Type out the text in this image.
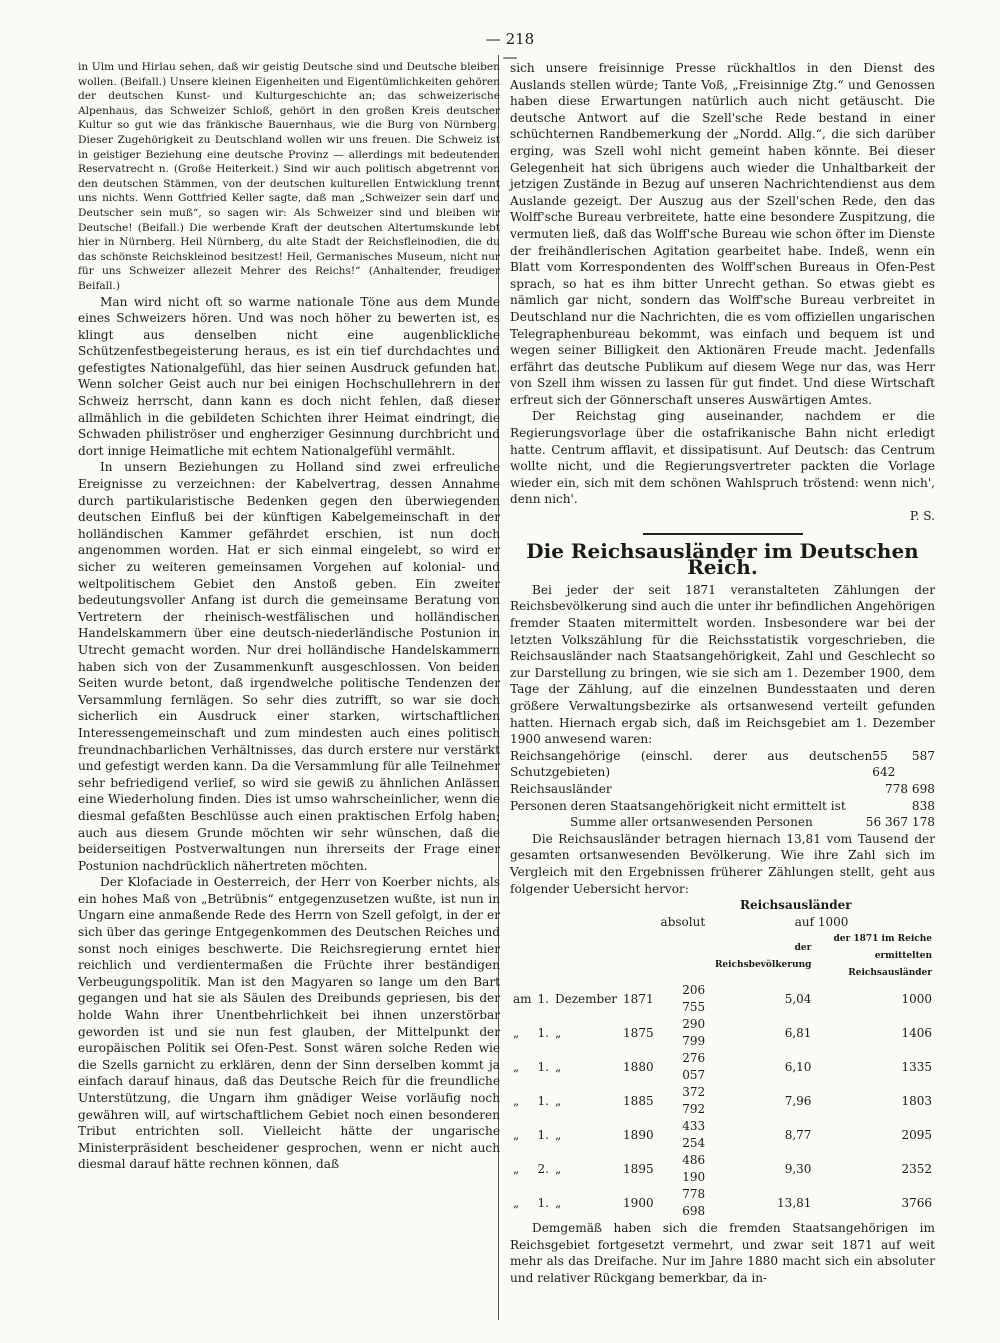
— 218 —

in Ulm und Hirlau sehen, daß wir geistig Deutsche sind und Deutsche bleiben wollen. (Beifall.) Unsere kleinen Eigenheiten und Eigentümlichkeiten gehören der deutschen Kunst- und Kulturgeschichte an; das schweizerische Alpenhaus, das Schweizer Schloß, gehört in den großen Kreis deutscher Kultur so gut wie das fränkische Bauernhaus, wie die Burg von Nürnberg. Dieser Zugehörigkeit zu Deutschland wollen wir uns freuen. Die Schweiz ist in geistiger Beziehung eine deutsche Provinz — allerdings mit bedeutenden Reservatrecht n. (Große Heiterkeit.) Sind wir auch politisch abgetrennt von den deutschen Stämmen, von der deutschen kulturellen Entwicklung trennt uns nichts. Wenn Gottfried Keller sagte, daß man „Schweizer sein darf und Deutscher sein muß“, so sagen wir: Als Schweizer sind und bleiben wir Deutsche! (Beifall.) Die werbende Kraft der deutschen Altertumskunde lebt hier in Nürnberg. Heil Nürnberg, du alte Stadt der Reichsfleinodien, die du das schönste Reichskleinod besitzest! Heil, Germanisches Museum, nicht nur für uns Schweizer allezeit Mehrer des Reichs!“ (Anhaltender, freudiger Beifall.)

Man wird nicht oft so warme nationale Töne aus dem Munde eines Schweizers hören. Und was noch höher zu bewerten ist, es klingt aus denselben nicht eine augenblickliche Schützenfestbegeisterung heraus, es ist ein tief durchdachtes und gefestigtes Nationalgefühl, das hier seinen Ausdruck gefunden hat. Wenn solcher Geist auch nur bei einigen Hochschullehrern in der Schweiz herrscht, dann kann es doch nicht fehlen, daß dieser allmählich in die gebildeten Schichten ihrer Heimat eindringt, die Schwaden philiströser und engherziger Gesinnung durchbricht und dort innige Heimatliche mit echtem Nationalgefühl vermählt.

In unsern Beziehungen zu Holland sind zwei erfreuliche Ereignisse zu verzeichnen: der Kabelvertrag, dessen Annahme durch partikularistische Bedenken gegen den überwiegenden deutschen Einfluß bei der künftigen Kabelgemeinschaft in der holländischen Kammer gefährdet erschien, ist nun doch angenommen worden. Hat er sich einmal eingelebt, so wird er sicher zu weiteren gemeinsamen Vorgehen auf kolonial- und weltpolitischem Gebiet den Anstoß geben. Ein zweiter bedeutungsvoller Anfang ist durch die gemeinsame Beratung von Vertretern der rheinisch-westfälischen und holländischen Handelskammern über eine deutsch-niederländische Postunion in Utrecht gemacht worden. Nur drei holländische Handelskammern haben sich von der Zusammenkunft ausgeschlossen. Von beiden Seiten wurde betont, daß irgendwelche politische Tendenzen der Versammlung fernlägen. So sehr dies zutrifft, so war sie doch sicherlich ein Ausdruck einer starken, wirtschaftlichen Interessengemeinschaft und zum mindesten auch eines politisch freundnachbarlichen Verhältnisses, das durch erstere nur verstärkt und gefestigt werden kann. Da die Versammlung für alle Teilnehmer sehr befriedigend verlief, so wird sie gewiß zu ähnlichen Anlässen eine Wiederholung finden. Dies ist umso wahrscheinlicher, wenn die diesmal gefaßten Beschlüsse auch einen praktischen Erfolg haben; auch aus diesem Grunde möchten wir sehr wünschen, daß die beiderseitigen Postverwaltungen nun ihrerseits der Frage einer Postunion nachdrücklich nähertreten möchten.

Der Klofaciade in Oesterreich, der Herr von Koerber nichts, als ein hohes Maß von „Betrübnis“ entgegenzusetzen wußte, ist nun in Ungarn eine anmaßende Rede des Herrn von Szell gefolgt, in der er sich über das geringe Entgegenkommen des Deutschen Reiches und sonst noch einiges beschwerte. Die Reichsregierung erntet hier reichlich und verdientermaßen die Früchte ihrer beständigen Verbeugungspolitik. Man ist den Magyaren so lange um den Bart gegangen und hat sie als Säulen des Dreibunds gepriesen, bis der holde Wahn ihrer Unentbehrlichkeit bei ihnen unzerstörbar geworden ist und sie nun fest glauben, der Mittelpunkt der europäischen Politik sei Ofen-Pest. Sonst wären solche Reden wie die Szells garnicht zu erklären, denn der Sinn derselben kommt ja einfach darauf hinaus, daß das Deutsche Reich für die freundliche Unterstützung, die Ungarn ihm gnädiger Weise vorläufig noch gewähren will, auf wirtschaftlichem Gebiet noch einen besonderen Tribut entrichten soll. Vielleicht hätte der ungarische Ministerpräsident bescheidener gesprochen, wenn er nicht auch diesmal darauf hätte rechnen können, daß

sich unsere freisinnige Presse rückhaltlos in den Dienst des Auslands stellen würde; Tante Voß, „Freisinnige Ztg.“ und Genossen haben diese Erwartungen natürlich auch nicht getäuscht. Die deutsche Antwort auf die Szell'sche Rede bestand in einer schüchternen Randbemerkung der „Nordd. Allg.“, die sich darüber erging, was Szell wohl nicht gemeint haben könnte. Bei dieser Gelegenheit hat sich übrigens auch wieder die Unhaltbarkeit der jetzigen Zustände in Bezug auf unseren Nachrichtendienst aus dem Auslande gezeigt. Der Auszug aus der Szell'schen Rede, den das Wolff'sche Bureau verbreitete, hatte eine besondere Zuspitzung, die vermuten ließ, daß das Wolff'sche Bureau wie schon öfter im Dienste der freihändlerischen Agitation gearbeitet habe. Indeß, wenn ein Blatt vom Korrespondenten des Wolff'schen Bureaus in Ofen-Pest sprach, so hat es ihm bitter Unrecht gethan. So etwas giebt es nämlich gar nicht, sondern das Wolff'sche Bureau verbreitet in Deutschland nur die Nachrichten, die es vom offiziellen ungarischen Telegraphenbureau bekommt, was einfach und bequem ist und wegen seiner Billigkeit den Aktionären Freude macht. Jedenfalls erfährt das deutsche Publikum auf diesem Wege nur das, was Herr von Szell ihm wissen zu lassen für gut findet. Und diese Wirtschaft erfreut sich der Gönnerschaft unseres Auswärtigen Amtes.

Der Reichstag ging auseinander, nachdem er die Regierungsvorlage über die ostafrikanische Bahn nicht erledigt hatte. Centrum afflavit, et dissipatisunt. Auf Deutsch: das Centrum wollte nicht, und die Regierungsvertreter packten die Vorlage wieder ein, sich mit dem schönen Wahlspruch tröstend: wenn nich', denn nich'.

P. S.
Die Reichsausländer im Deutschen Reich.

Bei jeder der seit 1871 veranstalteten Zählungen der Reichsbevölkerung sind auch die unter ihr befindlichen Angehörigen fremder Staaten mitermittelt worden. Insbesondere war bei der letzten Volkszählung für die Reichsstatistik vorgeschrieben, die Reichsausländer nach Staatsangehörigkeit, Zahl und Geschlecht so zur Darstellung zu bringen, wie sie sich am 1. Dezember 1900, dem Tage der Zählung, auf die einzelnen Bundesstaaten und deren größere Verwaltungsbezirke als ortsanwesend verteilt gefunden hatten. Hiernach ergab sich, daß im Reichsgebiet am 1. Dezember 1900 anwesend waren:

Reichsangehörige (einschl. derer aus deutschen Schutzgebieten)
55 587 642
Reichsausländer	778 698
Personen deren Staatsangehörigkeit nicht ermittelt ist	838
Summe aller ortsanwesenden Personen	56 367 178

Die Reichsausländer betragen hiernach 13,81 vom Tausend der gesamten ortsanwesenden Bevölkerung. Wie ihre Zahl sich im Vergleich mit den Ergebnissen früherer Zählungen stellt, geht aus folgender Uebersicht hervor:

				Reichsausländer		
				absolut	auf 1000	
					der Reichsbevölkerung	der 1871 im Reiche ermittelten Reichsausländer
am	1.	Dezember	1871	206 755	5,04	1000
„	1.	„	1875	290 799	6,81	1406
„	1.	„	1880	276 057	6,10	1335
„	1.	„	1885	372 792	7,96	1803
„	1.	„	1890	433 254	8,77	2095
„	2.	„	1895	486 190	9,30	2352
„	1.	„	1900	778 698	13,81	3766

Demgemäß haben sich die fremden Staatsangehörigen im Reichsgebiet fortgesetzt vermehrt, und zwar seit 1871 auf weit mehr als das Dreifache. Nur im Jahre 1880 macht sich ein absoluter und relativer Rückgang bemerkbar, da in-
